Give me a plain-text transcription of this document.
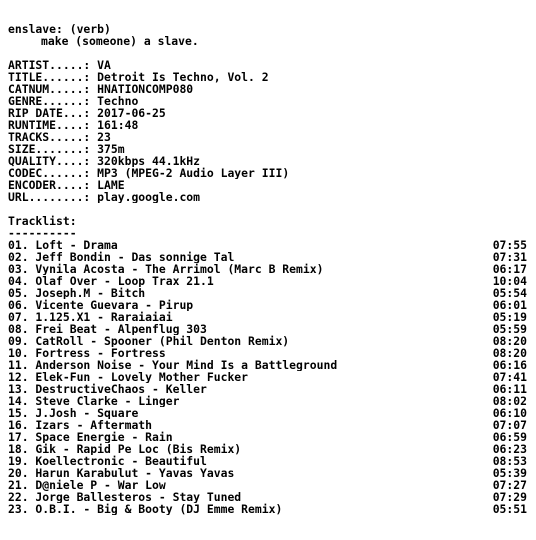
enslave: (verb)
make (someone) a slave.
ARTIST.....: VA
TITLE......: Detroit Is Techno, Vol. 2
CATNUM.....: HNATIONCOMP080
GENRE......: Techno
RIP DATE...: 2017-06-25
RUNTIME....: 161:48
TRACKS.....: 23
SIZE.......: 375m
QUALITY....: 320kbps 44.1kHz
CODEC......: MP3 (MPEG-2 Audio Layer III)
ENCODER....: LAME
URL........: play.google.com
Tracklist:
----------
01. Loft - Drama	07:55
02. Jeff Bondin - Das sonnige Tal	07:31
03. Vynila Acosta - The Arrimol (Marc B Remix)	06:17
04. Olaf Over - Loop Trax 21.1	10:04
05. Joseph.M - Bitch	05:54
06. Vicente Guevara - Pirup	06:01
07. 1.125.X1 - Raraiaiai	05:19
08. Frei Beat - Alpenflug 303	05:59
09. CatRoll - Spooner (Phil Denton Remix)	08:20
10. Fortress - Fortress	08:20
11. Anderson Noise - Your Mind Is a Battleground	06:16
12. Elek-Fun - Lovely Mother Fucker	07:41
13. DestructiveChaos - Keller	06:11
14. Steve Clarke - Linger	08:02
15. J.Josh - Square	06:10
16. Izars - Aftermath	07:07
17. Space Energie - Rain	06:59
18. Gik - Rapid Pe Loc (Bis Remix)	06:23
19. Koellectronic - Beautiful	08:53
20. Harun Karabulut - Yavas Yavas	05:39
21. D@niele P - War Low	07:27
22. Jorge Ballesteros - Stay Tuned	07:29
23. O.B.I. - Big & Booty (DJ Emme Remix)	05:51
